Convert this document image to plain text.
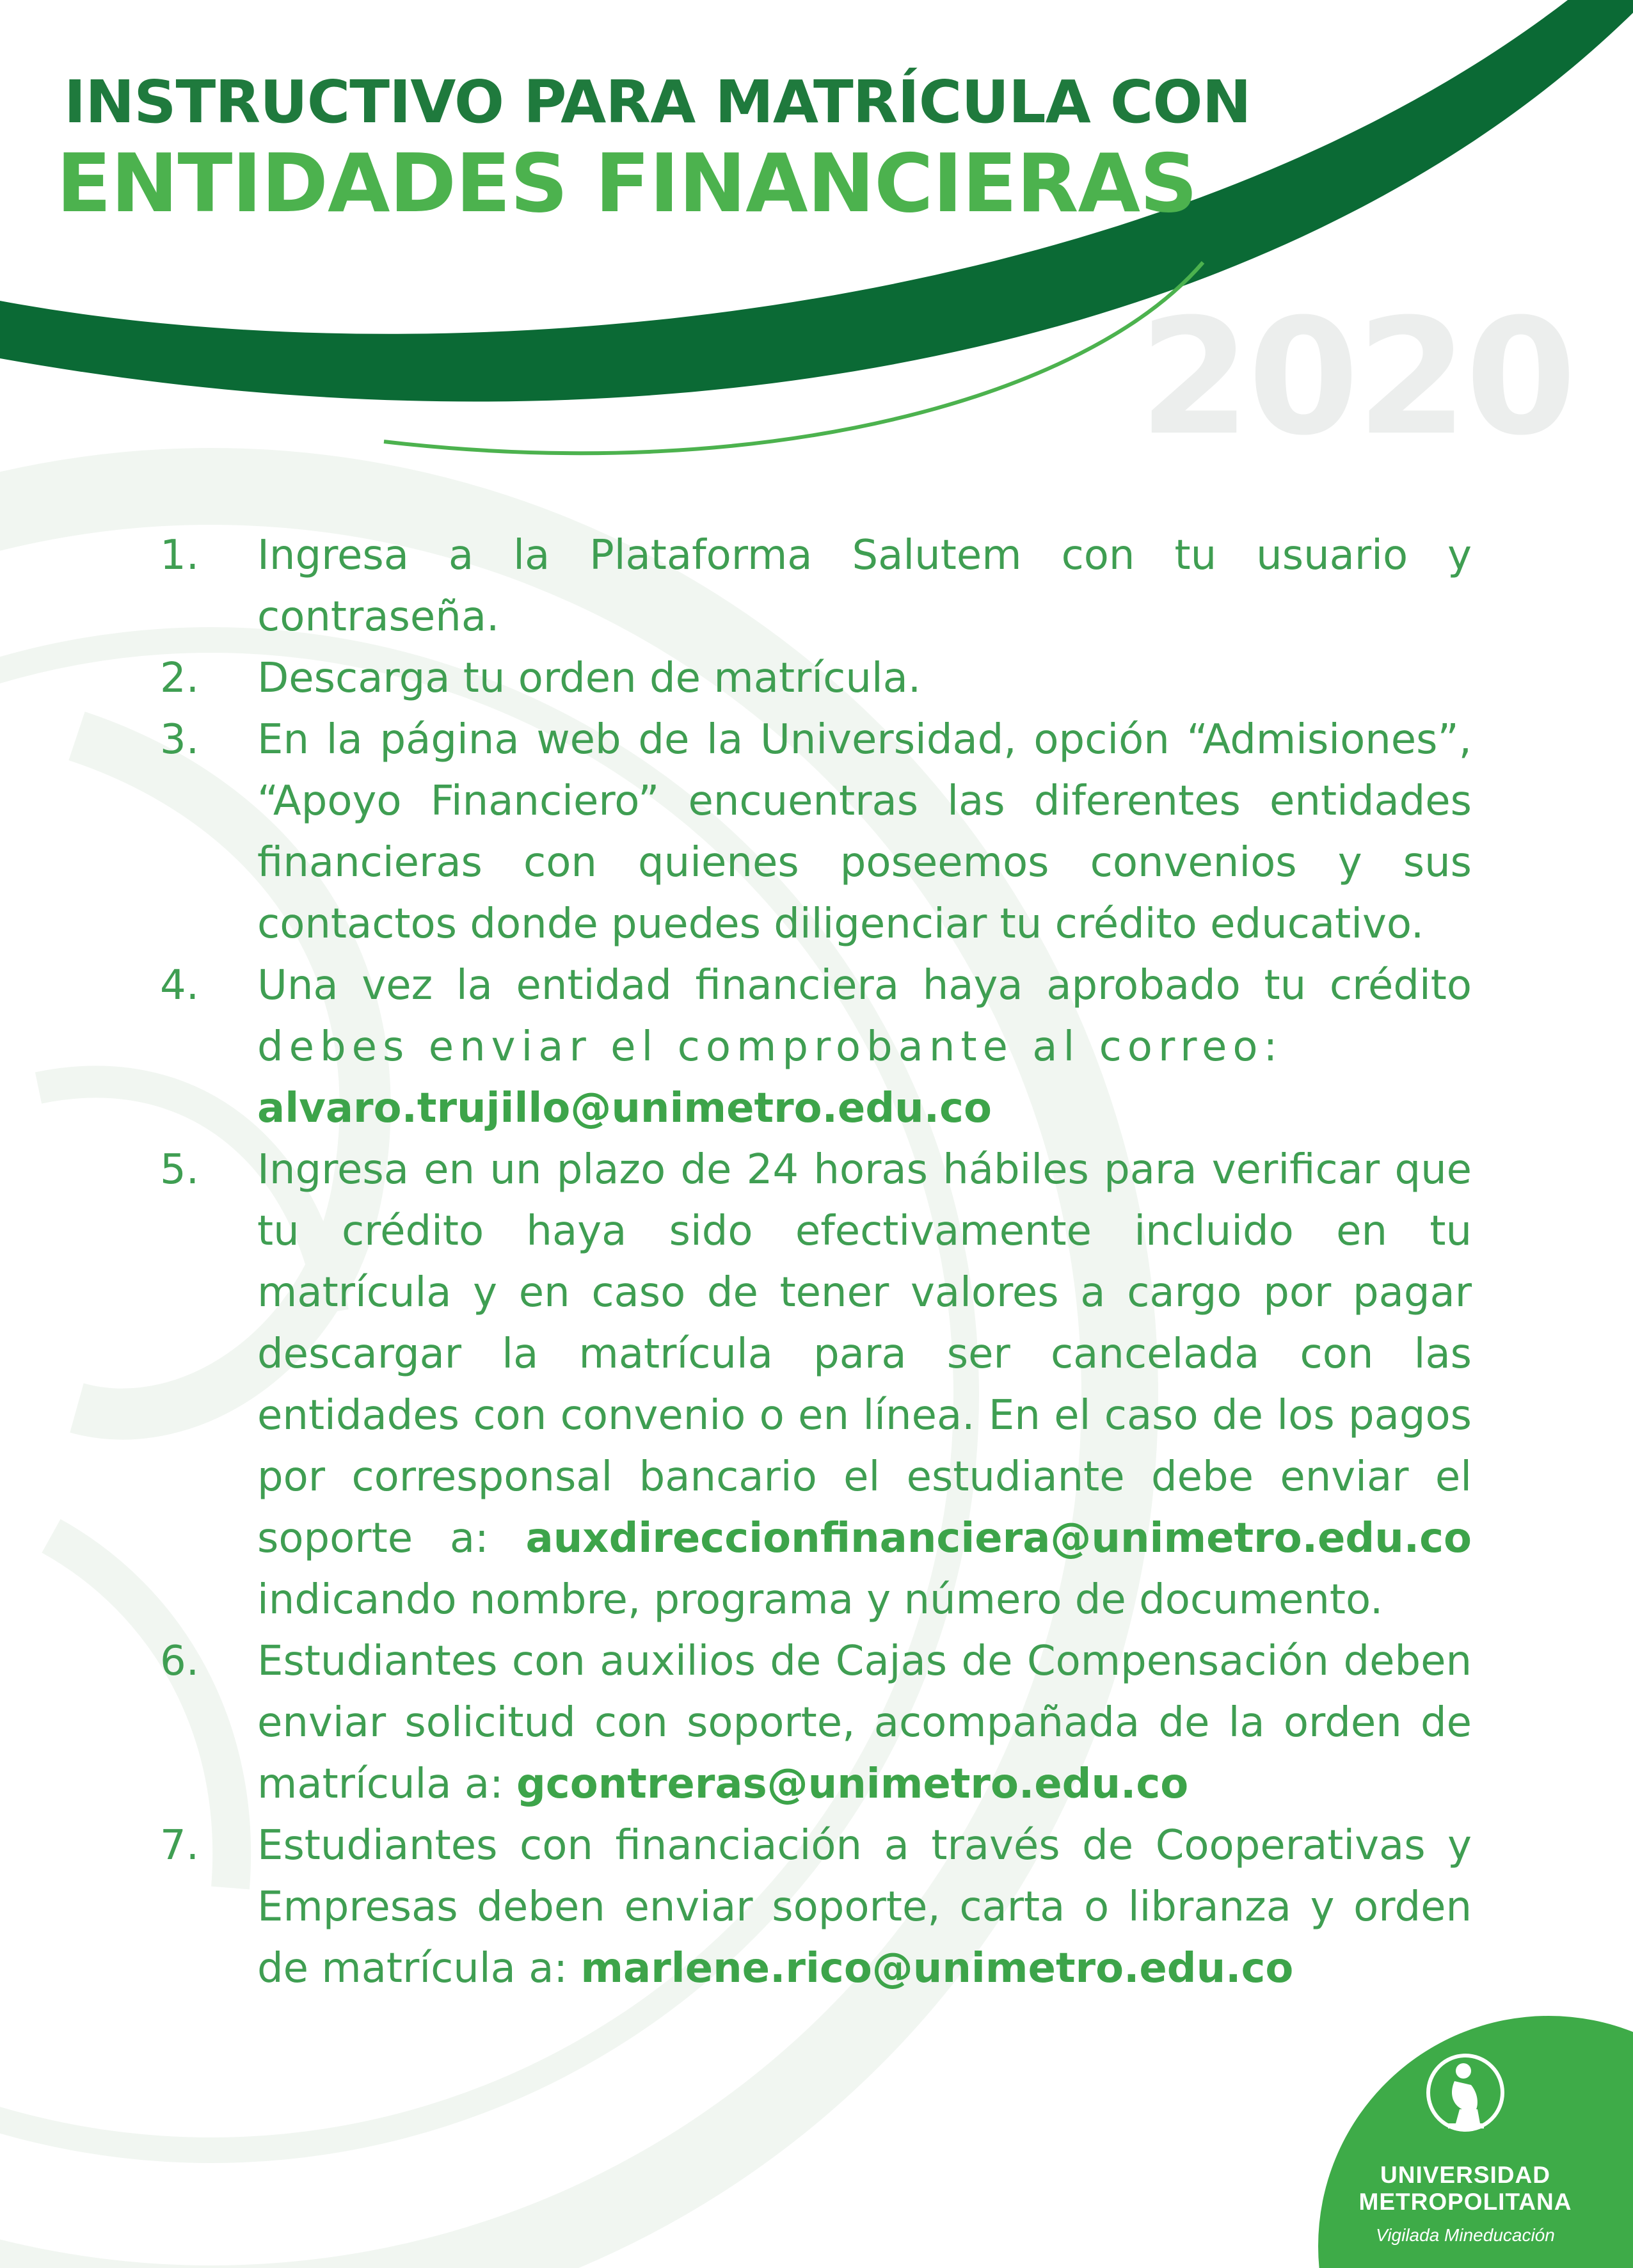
INSTRUCTIVO PARA MATRÍCULA CON
ENTIDADES FINANCIERAS
2020
1. Ingresa a la Plataforma Salutem con tu usuario y contraseña.
2. Descarga tu orden de matrícula.
3. En la página web de la Universidad, opción “Admisiones”, “Apoyo Financiero” encuentras las diferentes entidades financieras con quienes poseemos convenios y sus contactos donde puedes diligenciar tu crédito educativo.
4. Una vez la entidad financiera haya aprobado tu crédito debes enviar el comprobante al correo:
alvaro.trujillo@unimetro.edu.co
5. Ingresa en un plazo de 24 horas hábiles para verificar que tu crédito haya sido efectivamente incluido en tu matrícula y en caso de tener valores a cargo por pagar descargar la matrícula para ser cancelada con las entidades con convenio o en línea. En el caso de los pagos por corresponsal bancario el estudiante debe enviar el soporte a: auxdireccionfinanciera@unimetro.edu.co indicando nombre, programa y número de documento.
6. Estudiantes con auxilios de Cajas de Compensación deben enviar solicitud con soporte, acompañada de la orden de matrícula a: gcontreras@unimetro.edu.co
7. Estudiantes con financiación a través de Cooperativas y Empresas deben enviar soporte, carta o libranza y orden de matrícula a: marlene.rico@unimetro.edu.co
UNIVERSIDAD
METROPOLITANA
Vigilada Mineducación
